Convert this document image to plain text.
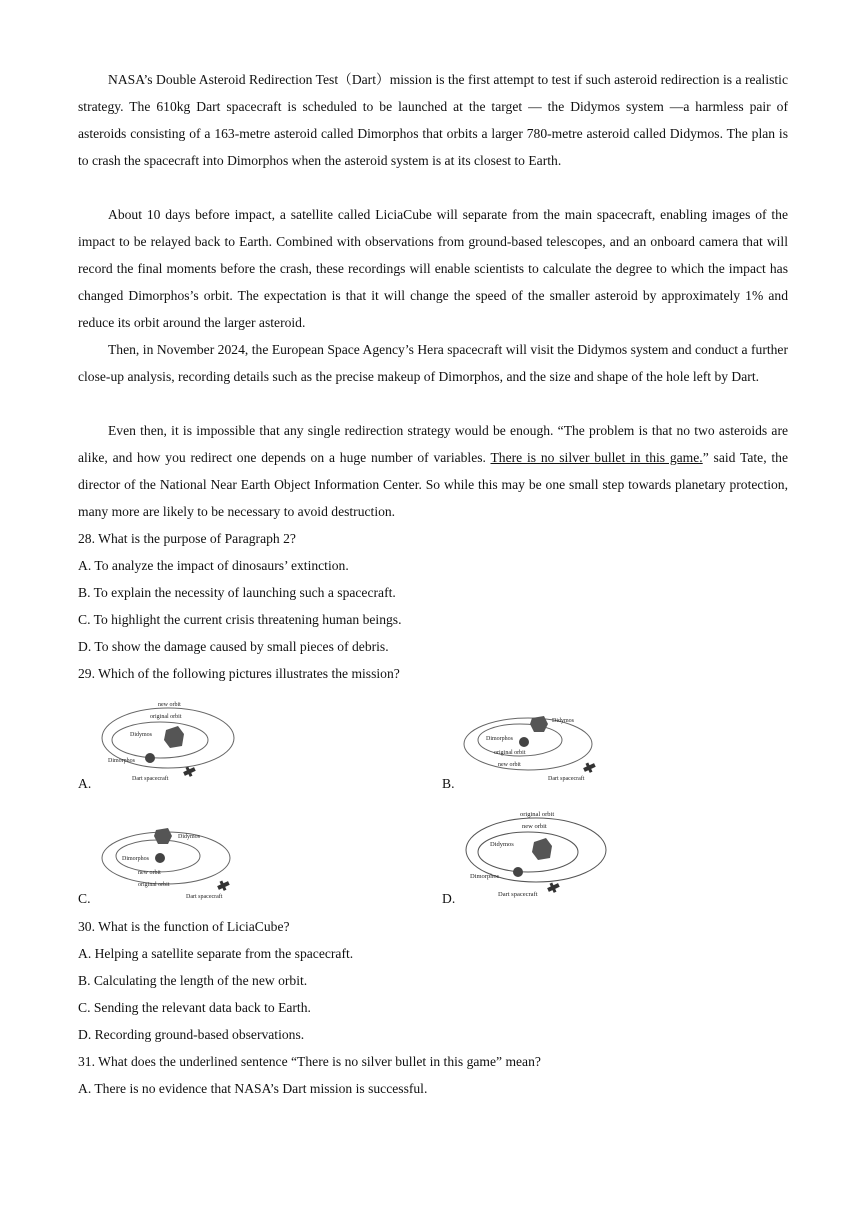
NASA’s Double Asteroid Redirection Test（Dart）mission is the first attempt to test if such asteroid redirection is a realistic strategy. The 610kg Dart spacecraft is scheduled to be launched at the target — the Didymos system —a harmless pair of asteroids consisting of a 163-metre asteroid called Dimorphos that orbits a larger 780-metre asteroid called Didymos. The plan is to crash the spacecraft into Dimorphos when the asteroid system is at its closest to Earth.

About 10 days before impact, a satellite called LiciaCube will separate from the main spacecraft, enabling images of the impact to be relayed back to Earth. Combined with observations from ground-based telescopes, and an onboard camera that will record the final moments before the crash, these recordings will enable scientists to calculate the degree to which the impact has changed Dimorphos’s orbit. The expectation is that it will change the speed of the smaller asteroid by approximately 1% and reduce its orbit around the larger asteroid.

Then, in November 2024, the European Space Agency’s Hera spacecraft will visit the Didymos system and conduct a further close-up analysis, recording details such as the precise makeup of Dimorphos, and the size and shape of the hole left by Dart.

Even then, it is impossible that any single redirection strategy would be enough. “The problem is that no two asteroids are alike, and how you redirect one depends on a huge number of variables. There is no silver bullet in this game.” said Tate, the director of the National Near Earth Object Information Center. So while this may be one small step towards planetary protection, many more are likely to be necessary to avoid destruction.

28. What is the purpose of Paragraph 2?

A. To analyze the impact of dinosaurs’ extinction.

B. To explain the necessity of launching such a spacecraft.

C. To highlight the current crisis threatening human beings.

D. To show the damage caused by small pieces of debris.

29. Which of the following pictures illustrates the mission?

A.
new orbit
original orbit
Didymos
Dimorphos
Dart spacecraft	B.
Didymos
Dimorphos
original orbit
new orbit
Dart spacecraft
C.
Didymos
Dimorphos
new orbit
original orbit
Dart spacecraft	D.
original orbit
new orbit
Didymos
Dimorphos
Dart spacecraft

30. What is the function of LiciaCube?

A. Helping a satellite separate from the spacecraft.

B. Calculating the length of the new orbit.

C. Sending the relevant data back to Earth.

D. Recording ground-based observations.

31. What does the underlined sentence “There is no silver bullet in this game” mean?

A. There is no evidence that NASA’s Dart mission is successful.
